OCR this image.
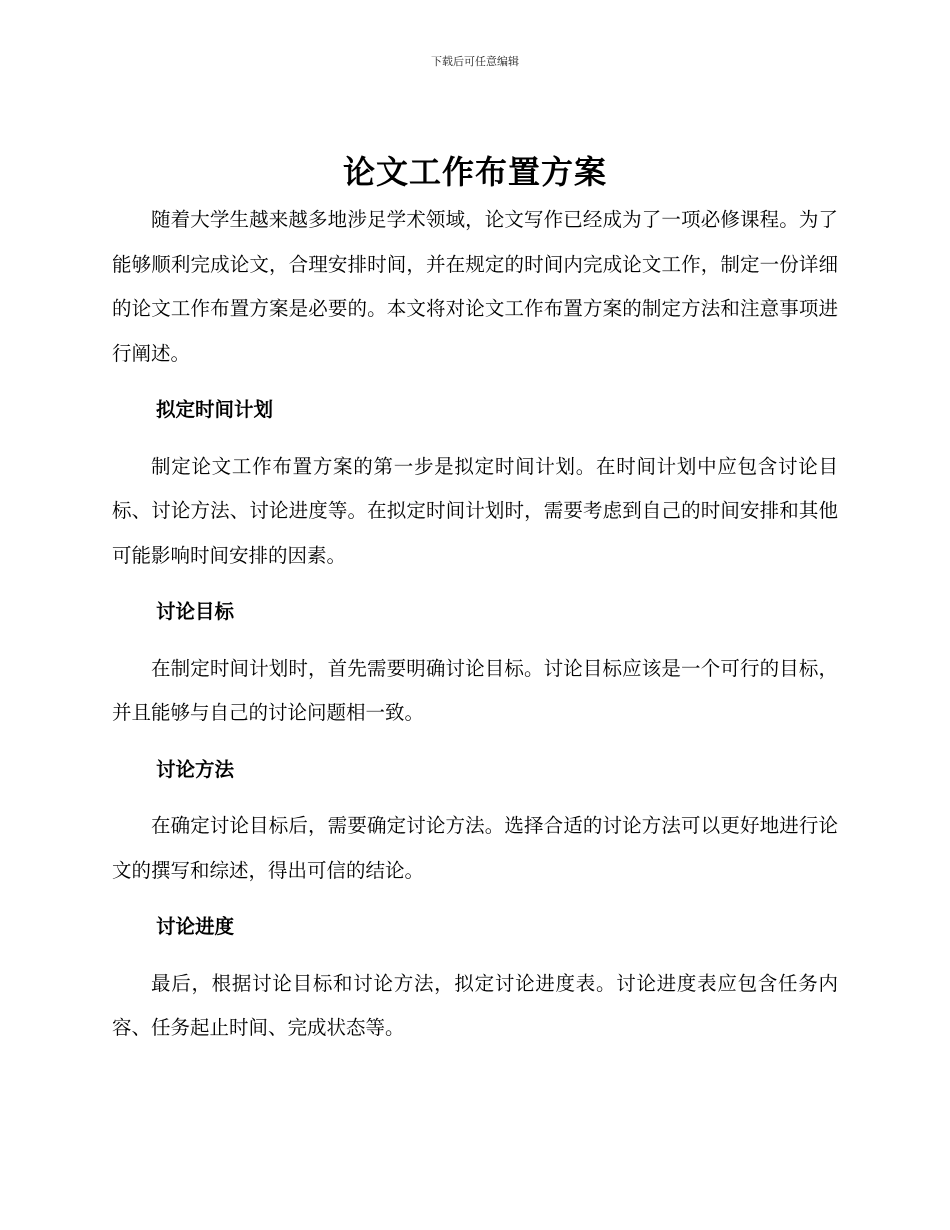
下载后可任意编辑
论文工作布置方案

随着大学生越来越多地涉足学术领域，论文写作已经成为了一项必修课程。为了能够顺利完成论文，合理安排时间，并在规定的时间内完成论文工作，制定一份详细的论文工作布置方案是必要的。本文将对论文工作布置方案的制定方法和注意事项进行阐述。

拟定时间计划

制定论文工作布置方案的第一步是拟定时间计划。在时间计划中应包含讨论目标、讨论方法、讨论进度等。在拟定时间计划时，需要考虑到自己的时间安排和其他可能影响时间安排的因素。

讨论目标

在制定时间计划时，首先需要明确讨论目标。讨论目标应该是一个可行的目标，并且能够与自己的讨论问题相一致。

讨论方法

在确定讨论目标后，需要确定讨论方法。选择合适的讨论方法可以更好地进行论文的撰写和综述，得出可信的结论。

讨论进度

最后，根据讨论目标和讨论方法，拟定讨论进度表。讨论进度表应包含任务内容、任务起止时间、完成状态等。
